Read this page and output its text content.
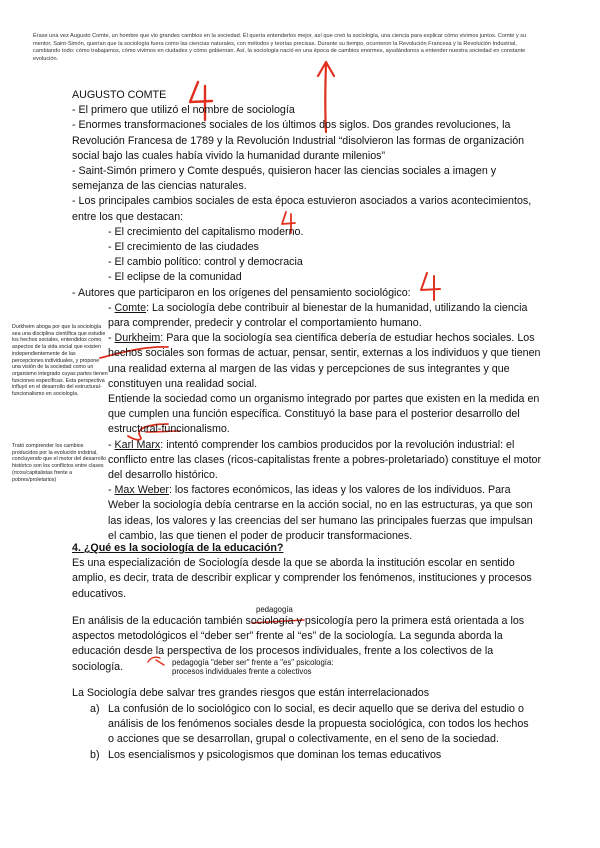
Érase una vez Augusto Comte, un hombre que vio grandes cambios en la sociedad. Él quería entenderlos mejor, así que creó la sociología, una ciencia para explicar cómo vivimos juntos. Comte y su mentor, Saint-Simón, querían que la sociología fuera como las ciencias naturales, con métodos y teorías precisas. Durante su tiempo, ocurrieron la Revolución Francesa y la Revolución Industrial, cambiando todo: cómo trabajamos, cómo vivimos en ciudades y cómo gobiernan. Así, la sociología nació en una época de cambios enormes, ayudándonos a entender nuestra sociedad en constante evolución.
AUGUSTO COMTE
- El primero que utilizó el nombre de sociología
- Enormes transformaciones sociales de los últimos dos siglos. Dos grandes revoluciones, la Revolución Francesa de 1789 y la Revolución Industrial “disolvieron las formas de organización social bajo las cuales había vivido la humanidad durante milenios”
- Saint-Simón primero y Comte después, quisieron hacer las ciencias sociales a imagen y semejanza de las ciencias naturales.
- Los principales cambios sociales de esta época estuvieron asociados a varios acontecimientos, entre los que destacan:
- El crecimiento del capitalismo moderno.
- El crecimiento de las ciudades
- El cambio político: control y democracia
- El eclipse de la comunidad
- Autores que participaron en los orígenes del pensamiento sociológico:
- Comte: La sociología debe contribuir al bienestar de la humanidad, utilizando la ciencia para comprender, predecir y controlar el comportamiento humano.
- Durkheim: Para que la sociología sea científica debería de estudiar hechos sociales. Los hechos sociales son formas de actuar, pensar, sentir, externas a los individuos y que tienen una realidad externa al margen de las vidas y percepciones de sus integrantes y que constituyen una realidad social.
Entiende la sociedad como un organismo integrado por partes que existen en la medida en que cumplen una función específica. Constituyó la base para el posterior desarrollo del estructural-funcionalismo.
- Karl Marx: intentó comprender los cambios producidos por la revolución industrial: el conflicto entre las clases (ricos-capitalistas frente a pobres-proletariado) constituye el motor del desarrollo histórico.
- Max Weber: los factores económicos, las ideas y los valores de los individuos. Para Weber la sociología debía centrarse en la acción social, no en las estructuras, ya que son las ideas, los valores y las creencias del ser humano las principales fuerzas que impulsan el cambio, las que tienen el poder de producir transformaciones.
Durkheim aboga por que la sociología sea una disciplina científica que estudie los hechos sociales, entendidos como aspectos de la vida social que existen independientemente de las percepciones individuales, y propone una visión de la sociedad como un organismo integrado cuyas partes tienen funciones específicas. Esta perspectiva influyó en el desarrollo del estructural-funcionalismo en sociología.
Trató comprender los cambios producidos por la evolución indstrial, concluyendo que el motor del desarrollo histórico son los conflictos entre clases (ricos/capitalistas frente a pobres/proletarios)
4. ¿Qué es la sociología de la educación?
Es una especialización de Sociología desde la que se aborda la institución escolar en sentido amplio, es decir, trata de describir explicar y comprender los fenómenos, instituciones y procesos educativos.
pedagogía
En análisis de la educación también sociología y psicología pero la primera está orientada a los aspectos metodológicos el “deber ser” frente al “es” de la sociología. La segunda aborda la educación desde la perspectiva de los procesos individuales, frente a los colectivos de la sociología.	pedagogía "deber ser" frente a "es" psicología:
procesos individuales frente a colectivos
La Sociología debe salvar tres grandes riesgos que están interrelacionados
a) La confusión de lo sociológico con lo social, es decir aquello que se deriva del estudio o análisis de los fenómenos sociales desde la propuesta sociológica, con todos los hechos o acciones que se desarrollan, grupal o colectivamente, en el seno de la sociedad.
b) Los esencialismos y psicologismos que dominan los temas educativos
